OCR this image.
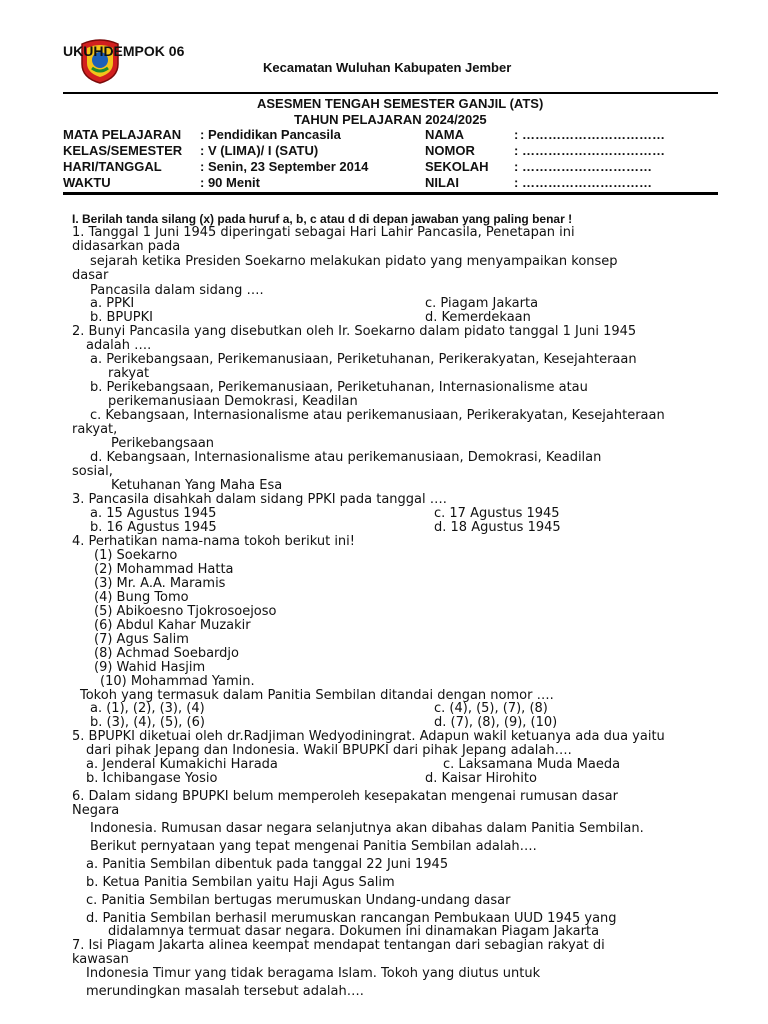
UKUHDEMPOK 06
Kecamatan Wuluhan Kabupaten Jember
ASESMEN TENGAH SEMESTER GANJIL (ATS)
TAHUN PELAJARAN 2024/2025
MATA PELAJARAN : Pendidikan Pancasila	NAMA	: ……………………………
KELAS/SEMESTER : V (LIMA)/ I (SATU)	NOMOR	: ……………………………
HARI/TANGGAL	: Senin, 23 September 2014	SEKOLAH : …………………………
WAKTU	: 90 Menit	NILAI	: …………………………
I. Berilah tanda silang (x) pada huruf a, b, c atau d di depan jawaban yang paling benar !
1. Tanggal 1 Juni 1945 diperingati sebagai Hari Lahir Pancasila, Penetapan ini
didasarkan pada
sejarah ketika Presiden Soekarno melakukan pidato yang menyampaikan konsep
dasar
Pancasila dalam sidang ….
a. PPKI	c. Piagam Jakarta
b. BPUPKI	d. Kemerdekaan
2. Bunyi Pancasila yang disebutkan oleh Ir. Soekarno dalam pidato tanggal 1 Juni 1945
adalah ….
a. Perikebangsaan, Perikemanusiaan, Periketuhanan, Perikerakyatan, Kesejahteraan
rakyat
b. Perikebangsaan, Perikemanusiaan, Periketuhanan, Internasionalisme atau
perikemanusiaan Demokrasi, Keadilan
c. Kebangsaan, Internasionalisme atau perikemanusiaan, Perikerakyatan, Kesejahteraan
rakyat,
Perikebangsaan
d. Kebangsaan, Internasionalisme atau perikemanusiaan, Demokrasi, Keadilan
sosial,
Ketuhanan Yang Maha Esa
3. Pancasila disahkah dalam sidang PPKI pada tanggal ….
a. 15 Agustus 1945	c. 17 Agustus 1945
b. 16 Agustus 1945	d. 18 Agustus 1945
4. Perhatikan nama-nama tokoh berikut ini!
(1) Soekarno
(2) Mohammad Hatta
(3) Mr. A.A. Maramis
(4) Bung Tomo
(5) Abikoesno Tjokrosoejoso
(6) Abdul Kahar Muzakir
(7) Agus Salim
(8) Achmad Soebardjo
(9) Wahid Hasjim
(10) Mohammad Yamin.
Tokoh yang termasuk dalam Panitia Sembilan ditandai dengan nomor ….
a. (1), (2), (3), (4)	c. (4), (5), (7), (8)
b. (3), (4), (5), (6)	d. (7), (8), (9), (10)
5. BPUPKI diketuai oleh dr.Radjiman Wedyodiningrat. Adapun wakil ketuanya ada dua yaitu
dari pihak Jepang dan Indonesia. Wakil BPUPKI dari pihak Jepang adalah….
a. Jenderal Kumakichi Harada	c. Laksamana Muda Maeda
b. Ichibangase Yosio	d. Kaisar Hirohito
6. Dalam sidang BPUPKI belum memperoleh kesepakatan mengenai rumusan dasar
Negara
Indonesia. Rumusan dasar negara selanjutnya akan dibahas dalam Panitia Sembilan.
Berikut pernyataan yang tepat mengenai Panitia Sembilan adalah….
a. Panitia Sembilan dibentuk pada tanggal 22 Juni 1945
b. Ketua Panitia Sembilan yaitu Haji Agus Salim
c. Panitia Sembilan bertugas merumuskan Undang-undang dasar
d. Panitia Sembilan berhasil merumuskan rancangan Pembukaan UUD 1945 yang
didalamnya termuat dasar negara. Dokumen ini dinamakan Piagam Jakarta
7. Isi Piagam Jakarta alinea keempat mendapat tentangan dari sebagian rakyat di
kawasan
Indonesia Timur yang tidak beragama Islam. Tokoh yang diutus untuk
merundingkan masalah tersebut adalah….
